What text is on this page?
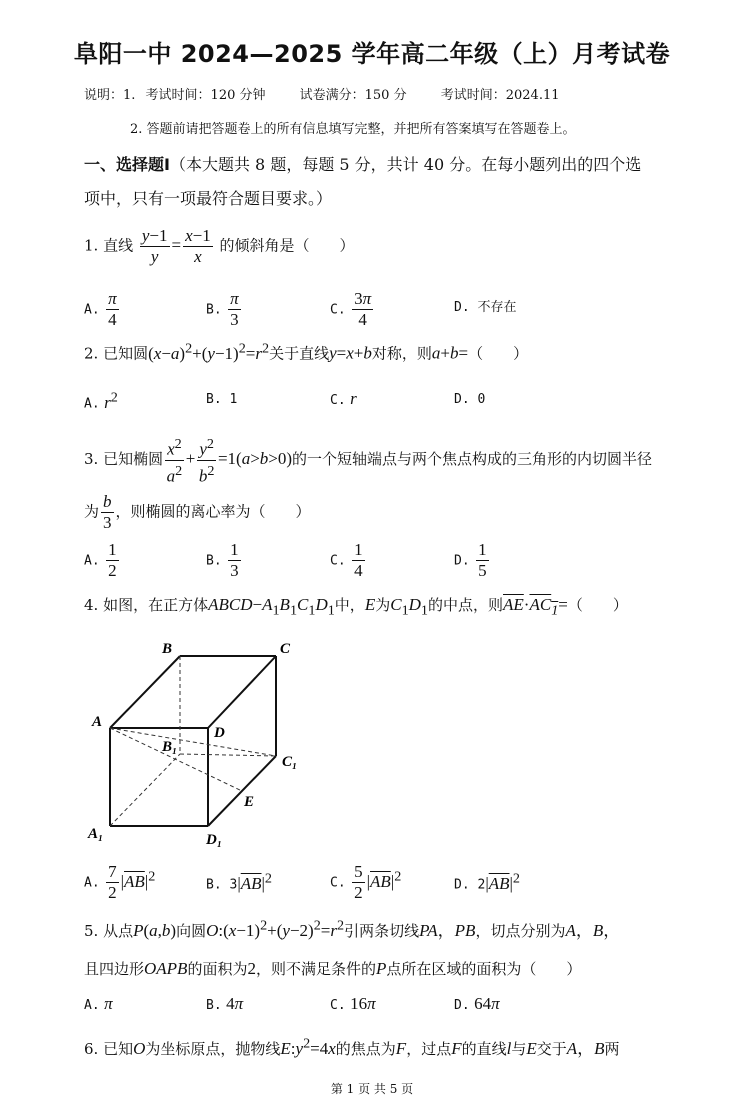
阜阳一中 2024—2025 学年高二年级（上）月考试卷
说明：1. 考试时间：120 分钟	试卷满分：150 分	考试时间：2024.11
2. 答题前请把答题卷上的所有信息填写完整，并把所有答案填写在答题卷上。
一、选择题Ⅰ（本大题共 8 题，每题 5 分，共计 40 分。在每小题列出的四个选
项中，只有一项最符合题目要求。）
1. 直线 $\frac{y-1}{y} = \frac{x-1}{x}$ 的倾斜角是（　　）
A. $\frac{\pi}{4}$	B. $\frac{\pi}{3}$	C. $\frac{3\pi}{4}$	D. 不存在
2. 已知圆$(x-a)^2+(y-1)^2=r^2$关于直线y=x+b对称，则a+b=（　　）
A. $r^2$	B. 1	C. r	D. 0
3. 已知椭圆 $\frac{x^2}{a^2} + \frac{y^2}{b^2} =1(a>b>0)$的一个短轴端点与两个焦点构成的三角形的内切圆半径
为 $\frac{b}{3}$ ，则椭圆的离心率为（　　）
A. $\frac{1}{2}$	B. $\frac{1}{3}$	C. $\frac{1}{4}$	D. $\frac{1}{5}$
4. 如图，在正方体$ABCD-A_1B_1C_1D_1$中，E为$C_1D_1$的中点，则$\overline{AE}\cdot AC_1=$（　　）
B	C
A
D
B₁
C₁
E
A₁	D₁
A. $\frac{7}{2} |\overline{AB}|^2$
B. $3|\overline{AB}|^2$	C. $\frac{5}{2} |\overline{AB}|^2$
D. $2|\overline{AB}|^2$
5. 从点P(a,b)向圆$O:(x-1)^2+(y-2)^2=r^2$引两条切线PA，PB，切点分别为A，B，
且四边形OAPB的面积为2，则不满足条件的P点所在区域的面积为（　　）
A. π	B. 4π	C. 16π	D. 64π
6. 已知O为坐标原点，抛物线$E:y^2=4x$的焦点为F，过点F的直线l与E交于A，B两
第 1 页 共 5 页
